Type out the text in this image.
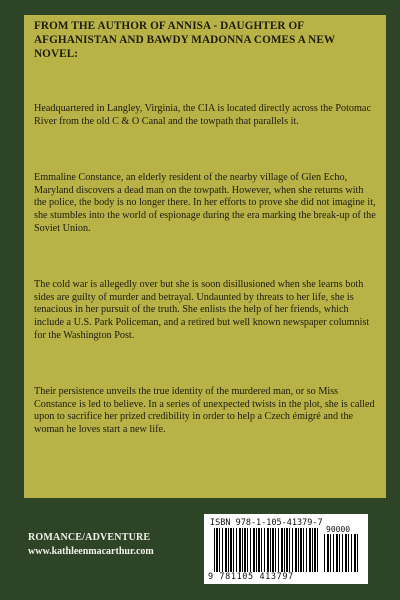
FROM THE AUTHOR OF ANNISA - DAUGHTER OF AFGHANISTAN AND BAWDY MADONNA COMES A NEW NOVEL:

Headquartered in Langley, Virginia, the CIA is located directly across the Potomac River from the old C & O Canal and the towpath that parallels it.

Emmaline Constance, an elderly resident of the nearby village of Glen Echo, Maryland discovers a dead man on the towpath. However, when she returns with the police, the body is no longer there. In her efforts to prove she did not imagine it, she stumbles into the world of espionage during the era marking the break-up of the Soviet Union.

The cold war is allegedly over but she is soon disillusioned when she learns both sides are guilty of murder and betrayal. Undaunted by threats to her life, she is tenacious in her pursuit of the truth. She enlists the help of her friends, which include a U.S. Park Policeman, and a retired but well known newspaper columnist for the Washington Post.

Their persistence unveils the true identity of the murdered man, or so Miss Constance is led to believe. In a series of unexpected twists in the plot, she is called upon to sacrifice her prized credibility in order to help a Czech émigré and the woman he loves start a new life.

ROMANCE/ADVENTURE
www.kathleenmacarthur.com
ISBN 978-1-105-41379-7
90000
9 781105 413797
